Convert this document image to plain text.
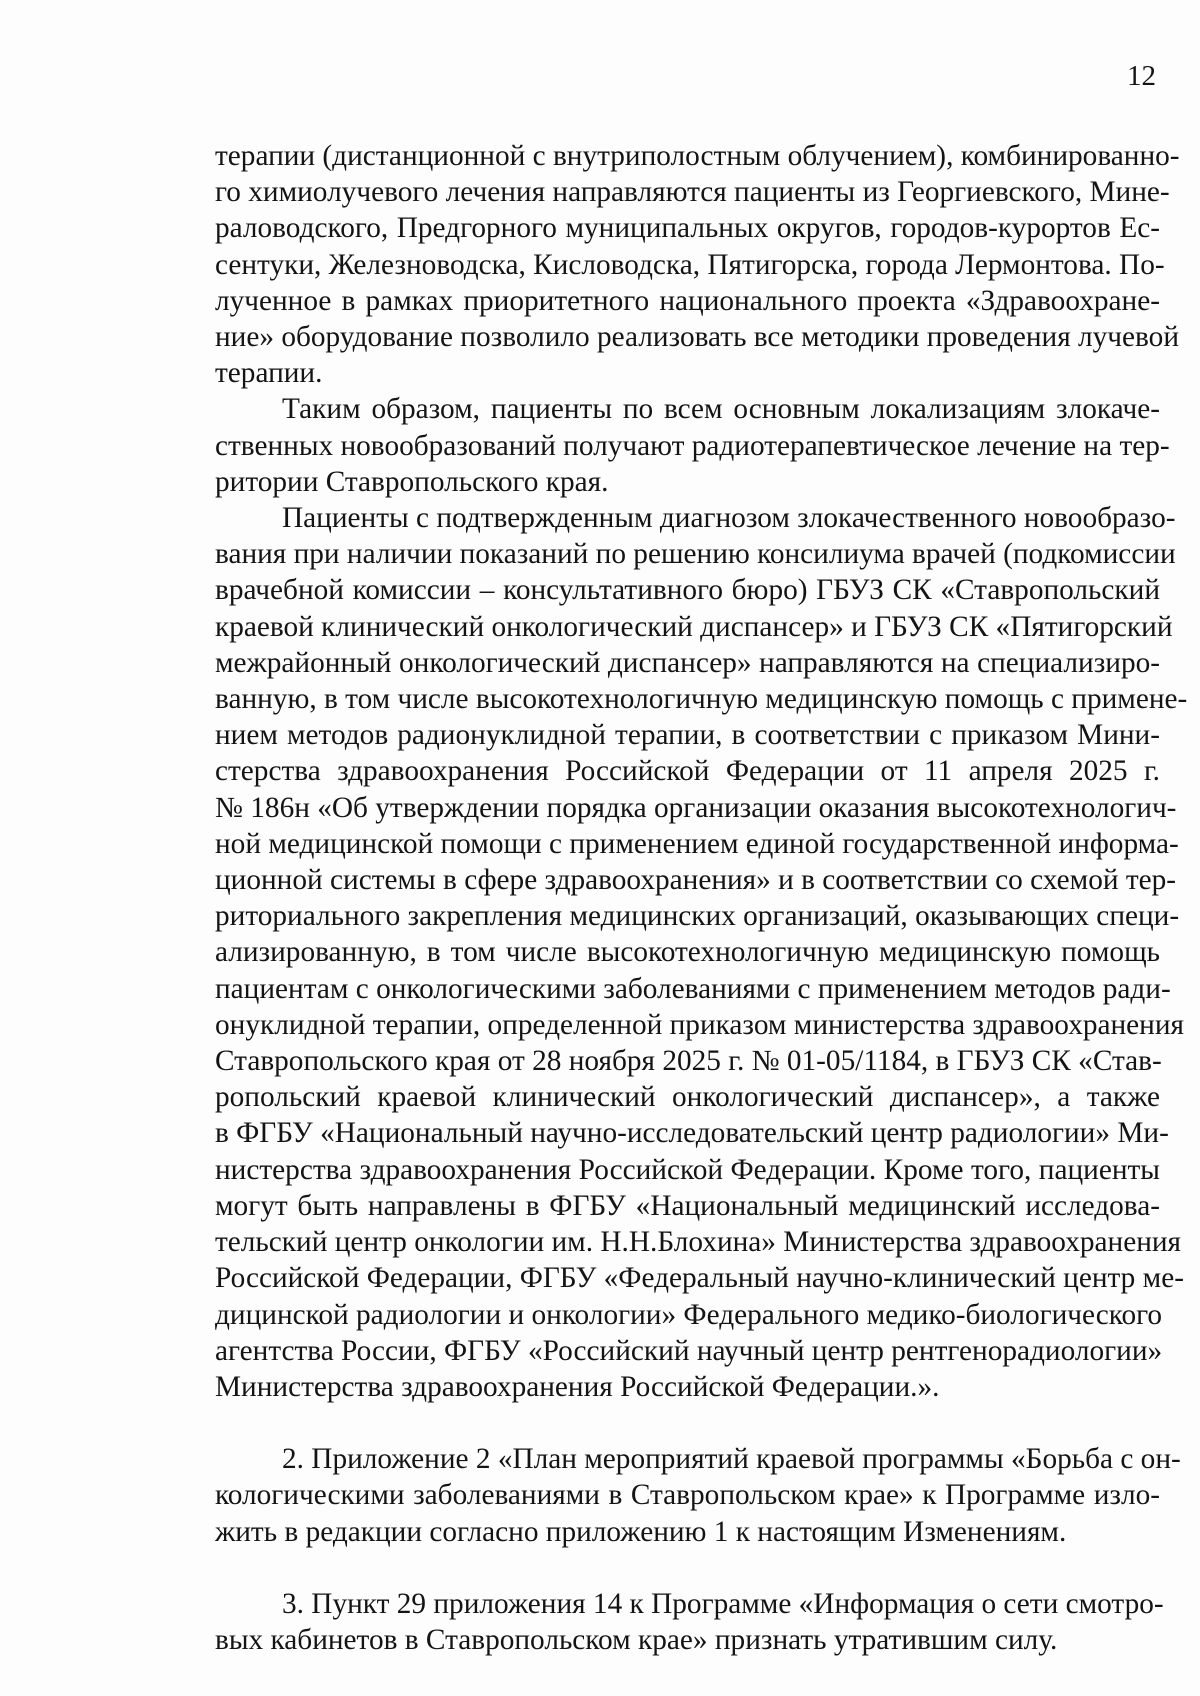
12
терапии (дистанционной с внутриполостным облучением), комбинированно-
го химиолучевого лечения направляются пациенты из Георгиевского, Мине-
раловодского, Предгорного муниципальных округов, городов-курортов Ес-
сентуки, Железноводска, Кисловодска, Пятигорска, города Лермонтова. По-
лученное в рамках приоритетного национального проекта «Здравоохране-
ние» оборудование позволило реализовать все методики проведения лучевой
терапии.
Таким образом, пациенты по всем основным локализациям злокаче-
ственных новообразований получают радиотерапевтическое лечение на тер-
ритории Ставропольского края.
Пациенты с подтвержденным диагнозом злокачественного новообразо-
вания при наличии показаний по решению консилиума врачей (подкомиссии
врачебной комиссии – консультативного бюро) ГБУЗ СК «Ставропольский
краевой клинический онкологический диспансер» и ГБУЗ СК «Пятигорский
межрайонный онкологический диспансер» направляются на специализиро-
ванную, в том числе высокотехнологичную медицинскую помощь с примене-
нием методов радионуклидной терапии, в соответствии с приказом Мини-
стерства здравоохранения Российской Федерации от 11 апреля 2025 г.
№ 186н «Об утверждении порядка организации оказания высокотехнологич-
ной медицинской помощи с применением единой государственной информа-
ционной системы в сфере здравоохранения» и в соответствии со схемой тер-
риториального закрепления медицинских организаций, оказывающих специ-
ализированную, в том числе высокотехнологичную медицинскую помощь
пациентам с онкологическими заболеваниями с применением методов ради-
онуклидной терапии, определенной приказом министерства здравоохранения
Ставропольского края от 28 ноября 2025 г. № 01-05/1184, в ГБУЗ СК «Став-
ропольский краевой клинический онкологический диспансер», а также
в ФГБУ «Национальный научно-исследовательский центр радиологии» Ми-
нистерства здравоохранения Российской Федерации. Кроме того, пациенты
могут быть направлены в ФГБУ «Национальный медицинский исследова-
тельский центр онкологии им. Н.Н.Блохина» Министерства здравоохранения
Российской Федерации, ФГБУ «Федеральный научно-клинический центр ме-
дицинской радиологии и онкологии» Федерального медико-биологического
агентства России, ФГБУ «Российский научный центр рентгенорадиологии»
Министерства здравоохранения Российской Федерации.».
2. Приложение 2 «План мероприятий краевой программы «Борьба с он-
кологическими заболеваниями в Ставропольском крае» к Программе изло-
жить в редакции согласно приложению 1 к настоящим Изменениям.
3. Пункт 29 приложения 14 к Программе «Информация о сети смотро-
вых кабинетов в Ставропольском крае» признать утратившим силу.
